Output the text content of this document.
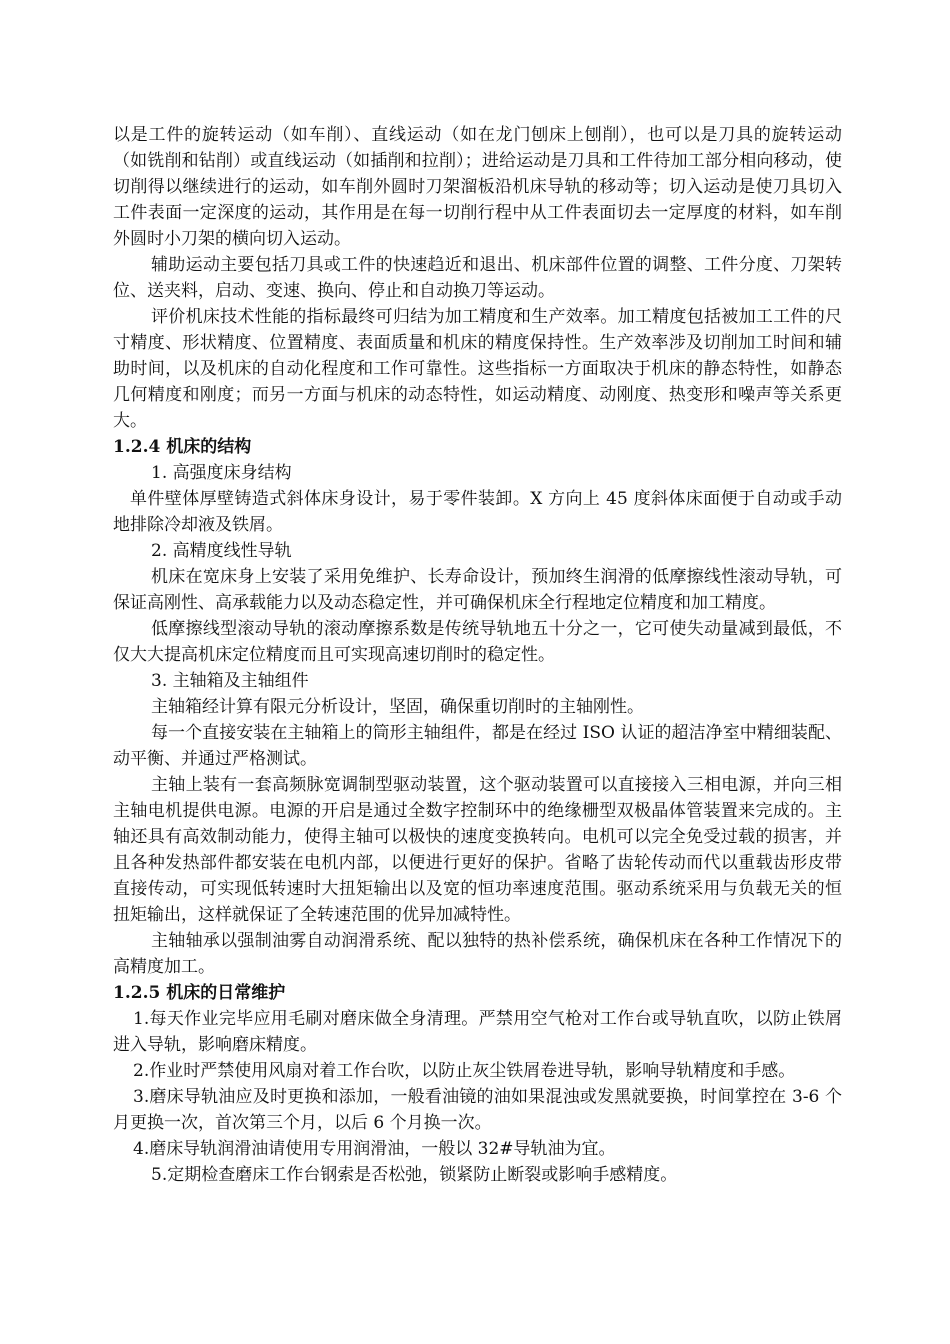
以是工件的旋转运动（如车削）、直线运动（如在龙门刨床上刨削），也可以是刀具的旋转运动（如铣削和钻削）或直线运动（如插削和拉削）；进给运动是刀具和工件待加工部分相向移动，使切削得以继续进行的运动，如车削外圆时刀架溜板沿机床导轨的移动等；切入运动是使刀具切入工件表面一定深度的运动，其作用是在每一切削行程中从工件表面切去一定厚度的材料，如车削外圆时小刀架的横向切入运动。

辅助运动主要包括刀具或工件的快速趋近和退出、机床部件位置的调整、工件分度、刀架转位、送夹料，启动、变速、换向、停止和自动换刀等运动。

评价机床技术性能的指标最终可归结为加工精度和生产效率。加工精度包括被加工工件的尺寸精度、形状精度、位置精度、表面质量和机床的精度保持性。生产效率涉及切削加工时间和辅助时间，以及机床的自动化程度和工作可靠性。这些指标一方面取决于机床的静态特性，如静态几何精度和刚度；而另一方面与机床的动态特性，如运动精度、动刚度、热变形和噪声等关系更大。

1.2.4 机床的结构

1. 高强度床身结构

单件壁体厚壁铸造式斜体床身设计，易于零件装卸。X 方向上 45 度斜体床面便于自动或手动地排除冷却液及铁屑。

2. 高精度线性导轨

机床在宽床身上安装了采用免维护、长寿命设计，预加终生润滑的低摩擦线性滚动导轨，可保证高刚性、高承载能力以及动态稳定性，并可确保机床全行程地定位精度和加工精度。

低摩擦线型滚动导轨的滚动摩擦系数是传统导轨地五十分之一，它可使失动量减到最低，不仅大大提高机床定位精度而且可实现高速切削时的稳定性。

3. 主轴箱及主轴组件

主轴箱经计算有限元分析设计，坚固，确保重切削时的主轴刚性。

每一个直接安装在主轴箱上的筒形主轴组件，都是在经过 ISO 认证的超洁净室中精细装配、动平衡、并通过严格测试。

主轴上装有一套高频脉宽调制型驱动装置，这个驱动装置可以直接接入三相电源，并向三相主轴电机提供电源。电源的开启是通过全数字控制环中的绝缘栅型双极晶体管装置来完成的。主轴还具有高效制动能力，使得主轴可以极快的速度变换转向。电机可以完全免受过载的损害，并且各种发热部件都安装在电机内部，以便进行更好的保护。省略了齿轮传动而代以重载齿形皮带直接传动，可实现低转速时大扭矩输出以及宽的恒功率速度范围。驱动系统采用与负载无关的恒扭矩输出，这样就保证了全转速范围的优异加减特性。

主轴轴承以强制油雾自动润滑系统、配以独特的热补偿系统，确保机床在各种工作情况下的高精度加工。

1.2.5 机床的日常维护

1.每天作业完毕应用毛刷对磨床做全身清理。严禁用空气枪对工作台或导轨直吹，以防止铁屑进入导轨，影响磨床精度。

2.作业时严禁使用风扇对着工作台吹，以防止灰尘铁屑卷进导轨，影响导轨精度和手感。

3.磨床导轨油应及时更换和添加，一般看油镜的油如果混浊或发黑就要换，时间掌控在 3-6 个月更换一次，首次第三个月，以后 6 个月换一次。

4.磨床导轨润滑油请使用专用润滑油，一般以 32#导轨油为宜。

5.定期检查磨床工作台钢索是否松弛，锁紧防止断裂或影响手感精度。
